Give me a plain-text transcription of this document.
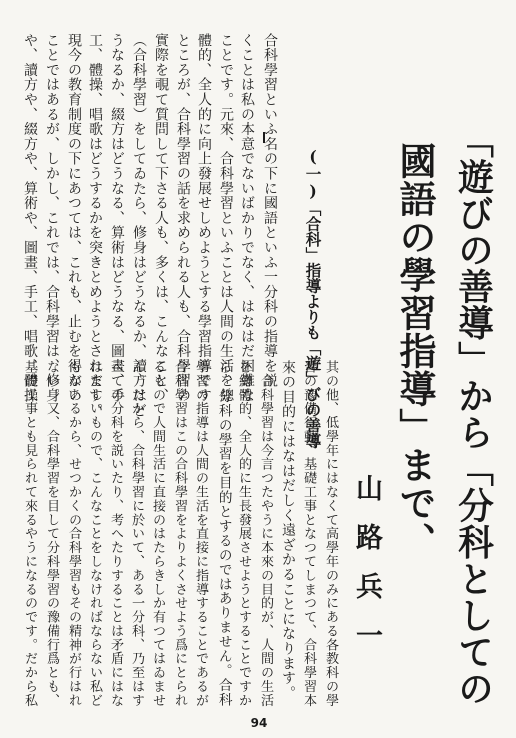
「遊びの善導」から「分科としての
國語の學習指導」まで、
山路兵一
(一)「合科」指導よりも「遊」びの善導
合科學習といふ名の下に國語といふ一分科の指導を説
くことは私の本意でないばかりでなく、はなはだ困難な
ことです。元來、合科學習といふことは人間の生活を總
體的、全人的に向上發展せしめようとする學習指導です
ところが、合科學習の話を求められる人も、合科學習の
實際を覗て質問して下さる人も、多くは、こんなこと、
（合科學習）をしてゐたら、修身はどうなるか、讀方はど
うなるか、綴方はどうなる、算術はどうなる、圖畫、手
工、體操、唱歌はどうするかを突きとめようとされます。
現今の教育制度の下にあつては、これも、止むを得ない
ことではあるが、しかし、これでは、合科學習は、修身
や、讀方や、綴方や、算術や、圖畫、手工、唱歌、體操
其の他、低學年にはなくて高學年のみにある各教科の學
習の豫備行動、基礎工事となつてしまつて、合科學習本
來の目的にはなはだしく遠ざかることになります。
　合科學習は今言つたやうに本來の目的が、人間の生活
を總體的、全人的に生長發展させようとすることですか
ら、分科の學習を目的とするのではありません。合科
學習の指導は人間の生活を直接に指導することであるが
合科學習はこの合科學習をよりよくさせよう爲にとられ
るもので人間生活に直接のはたらきしか有つてはゐませ
ん。だから、合科學習に於いて、ある一分科、乃至はす
べての分科を説いたり、考へたりすることは矛盾にはな
はだしいもので、こんなことをしなければならない私ど
もがあるから、せつかくの合科學習もその精神が行はれ
ない。又、合科學習を目して分科學習の豫備行爲とも、
基礎工事とも見られて來るやうになるのです。だから私
94
